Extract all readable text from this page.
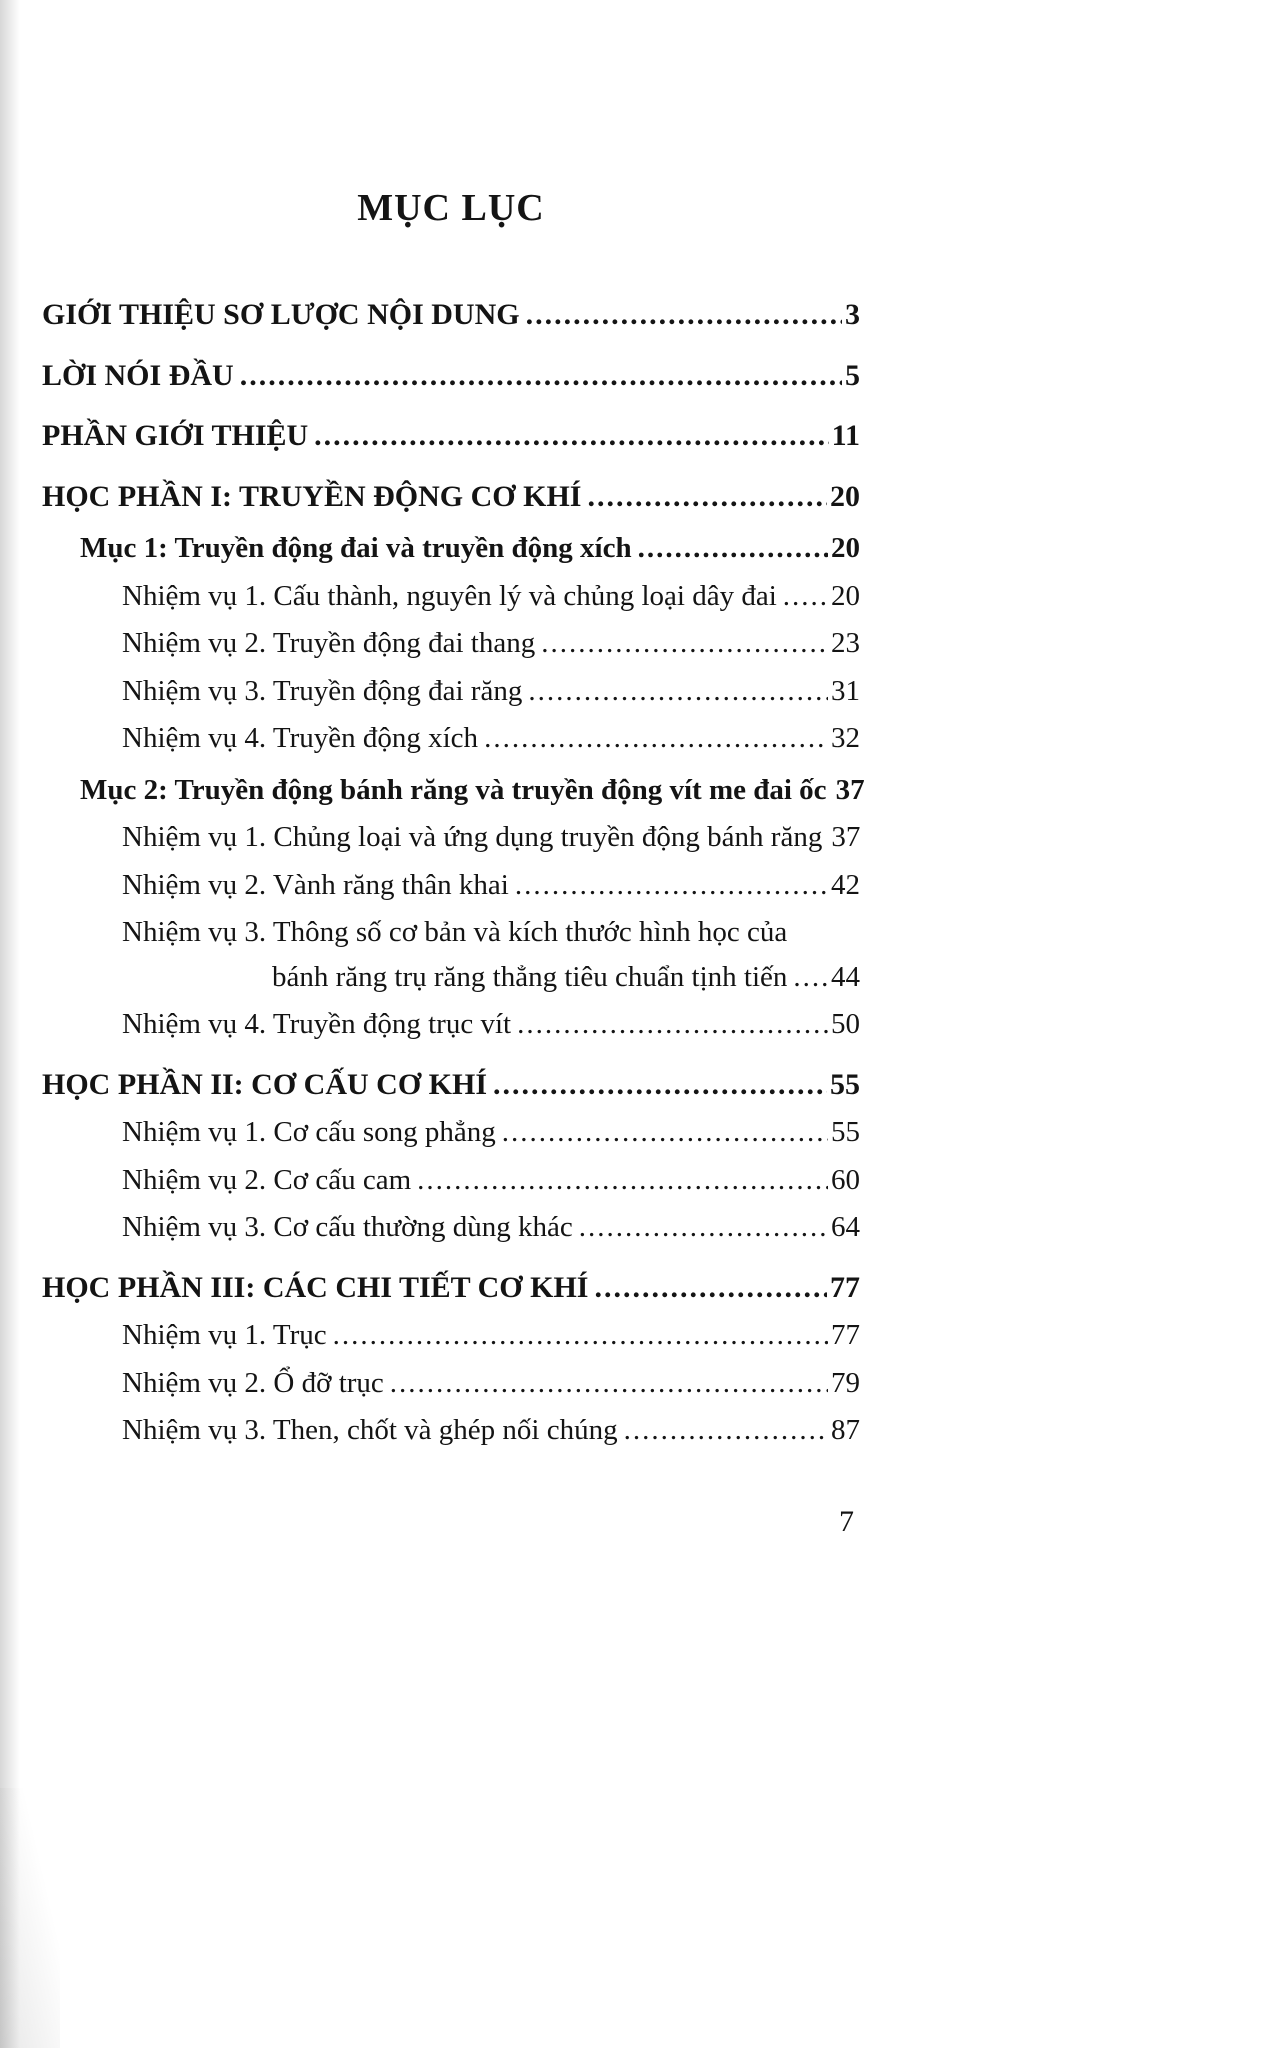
MỤC LỤC
GIỚI THIỆU SƠ LƯỢC NỘI DUNG .....	3
LỜI NÓI ĐẦU .....	5
PHẦN GIỚI THIỆU .....	11
HỌC PHẦN I: TRUYỀN ĐỘNG CƠ KHÍ .....	20
Mục 1: Truyền động đai và truyền động xích .....	20
Nhiệm vụ 1. Cấu thành, nguyên lý và chủng loại dây đai ..... 20
Nhiệm vụ 2. Truyền động đai thang .....	23
Nhiệm vụ 3. Truyền động đai răng .....	31
Nhiệm vụ 4. Truyền động xích .....	32
Mục 2: Truyền động bánh răng và truyền động vít me đai ốc 37
Nhiệm vụ 1. Chủng loại và ứng dụng truyền động bánh răng 37
Nhiệm vụ 2. Vành răng thân khai .....	42
Nhiệm vụ 3. Thông số cơ bản và kích thước hình học của
bánh răng trụ răng thẳng tiêu chuẩn tịnh tiến ..... 44
Nhiệm vụ 4. Truyền động trục vít .....	50
HỌC PHẦN II: CƠ CẤU CƠ KHÍ .....	55
Nhiệm vụ 1. Cơ cấu song phẳng .....	55
Nhiệm vụ 2. Cơ cấu cam .....	60
Nhiệm vụ 3. Cơ cấu thường dùng khác .....	64
HỌC PHẦN III: CÁC CHI TIẾT CƠ KHÍ .....	77
Nhiệm vụ 1. Trục .....	77
Nhiệm vụ 2. Ổ đỡ trục .....	79
Nhiệm vụ 3. Then, chốt và ghép nối chúng .....	87
7
